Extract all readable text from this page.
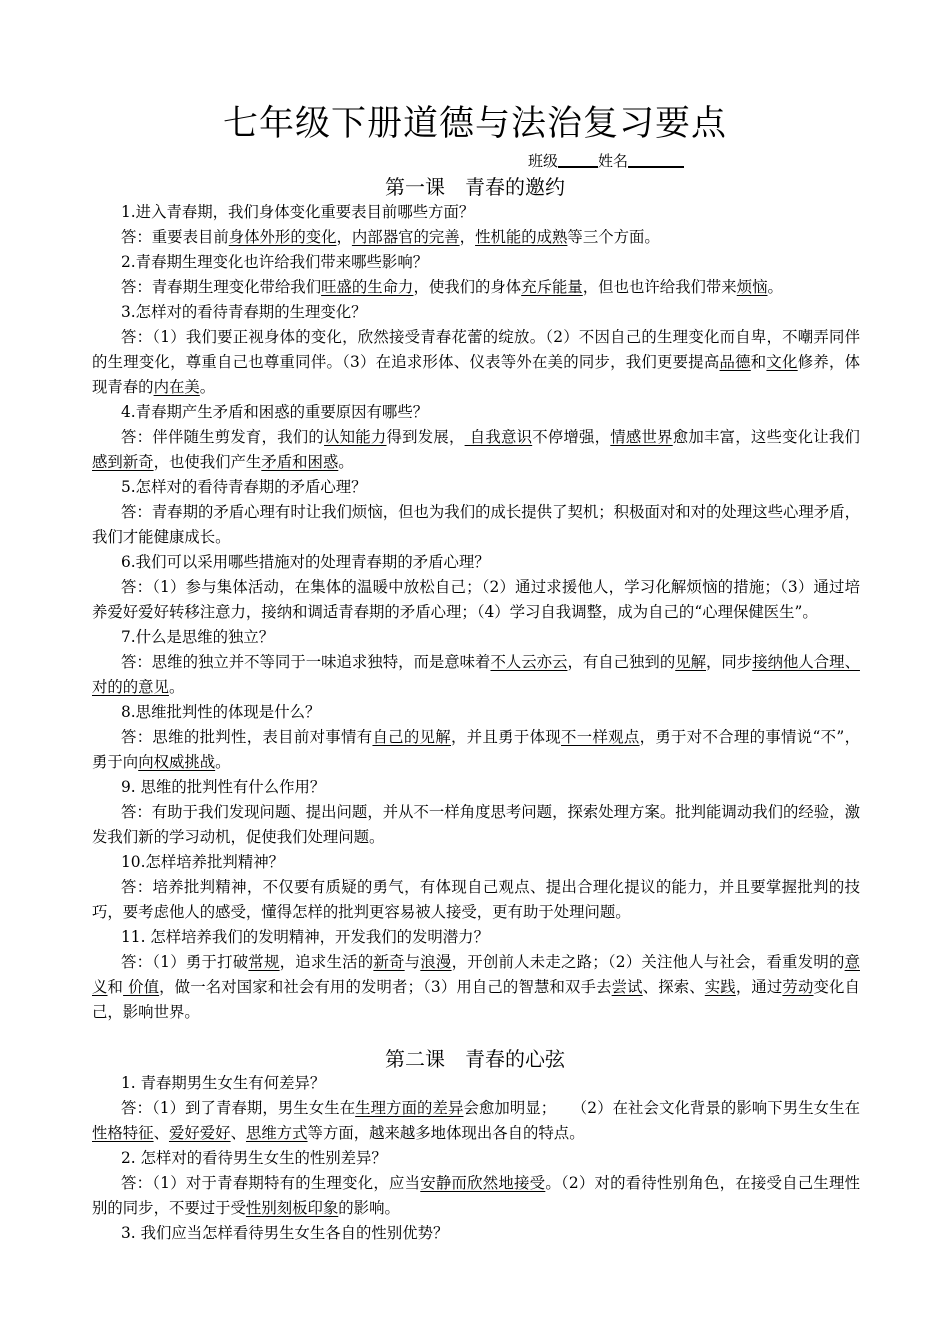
七年级下册道德与法治复习要点
班级	姓名
第一课 青春的邀约
1.进入青春期，我们身体变化重要表目前哪些方面？
答：重要表目前身体外形的变化，内部器官的完善，性机能的成熟等三个方面。
2.青春期生理变化也许给我们带来哪些影响？
答：青春期生理变化带给我们旺盛的生命力，使我们的身体充斥能量，但也也许给我们带来烦恼。
3.怎样对的看待青春期的生理变化？
答：（1）我们要正视身体的变化，欣然接受青春花蕾的绽放。（2）不因自己的生理变化而自卑，不嘲弄同伴的生理变化，尊重自己也尊重同伴。（3）在追求形体、仪表等外在美的同步，我们更要提高品德和文化修养，体现青春的内在美。
4.青春期产生矛盾和困惑的重要原因有哪些？
答：伴伴随生剪发育，我们的认知能力得到发展， 自我意识不停增强，情感世界愈加丰富，这些变化让我们感到新奇，也使我们产生矛盾和困惑。
5.怎样对的看待青春期的矛盾心理？
答：青春期的矛盾心理有时让我们烦恼，但也为我们的成长提供了契机；积极面对和对的处理这些心理矛盾，我们才能健康成长。
6.我们可以采用哪些措施对的处理青春期的矛盾心理？
答：（1）参与集体活动，在集体的温暖中放松自己；（2）通过求援他人，学习化解烦恼的措施；（3）通过培养爱好爱好转移注意力，接纳和调适青春期的矛盾心理；（4）学习自我调整，成为自己的“心理保健医生”。
7.什么是思维的独立？
答：思维的独立并不等同于一味追求独特，而是意味着不人云亦云，有自己独到的见解，同步接纳他人合理、对的的意见。
8.思维批判性的体现是什么？
答：思维的批判性，表目前对事情有自己的见解，并且勇于体现不一样观点，勇于对不合理的事情说“不”，勇于向向权威挑战。
9. 思维的批判性有什么作用？
答：有助于我们发现问题、提出问题，并从不一样角度思考问题，探索处理方案。批判能调动我们的经验，激发我们新的学习动机，促使我们处理问题。
10.怎样培养批判精神？
答：培养批判精神，不仅要有质疑的勇气，有体现自己观点、提出合理化提议的能力，并且要掌握批判的技巧，要考虑他人的感受，懂得怎样的批判更容易被人接受，更有助于处理问题。
11. 怎样培养我们的发明精神，开发我们的发明潜力？
答：（1）勇于打破常规，追求生活的新奇与浪漫，开创前人未走之路；（2）关注他人与社会，看重发明的意义和 价值，做一名对国家和社会有用的发明者；（3）用自己的智慧和双手去尝试、探索、实践，通过劳动变化自己，影响世界。
第二课 青春的心弦
1. 青春期男生女生有何差异？
答：（1）到了青春期，男生女生在生理方面的差异会愈加明显；　　（2）在社会文化背景的影响下男生女生在性格特征、爱好爱好、思维方式等方面，越来越多地体现出各自的特点。
2. 怎样对的看待男生女生的性别差异？
答：（1）对于青春期特有的生理变化，应当安静而欣然地接受。（2）对的看待性别角色，在接受自己生理性别的同步，不要过于受性别刻板印象的影响。
3. 我们应当怎样看待男生女生各自的性别优势？
